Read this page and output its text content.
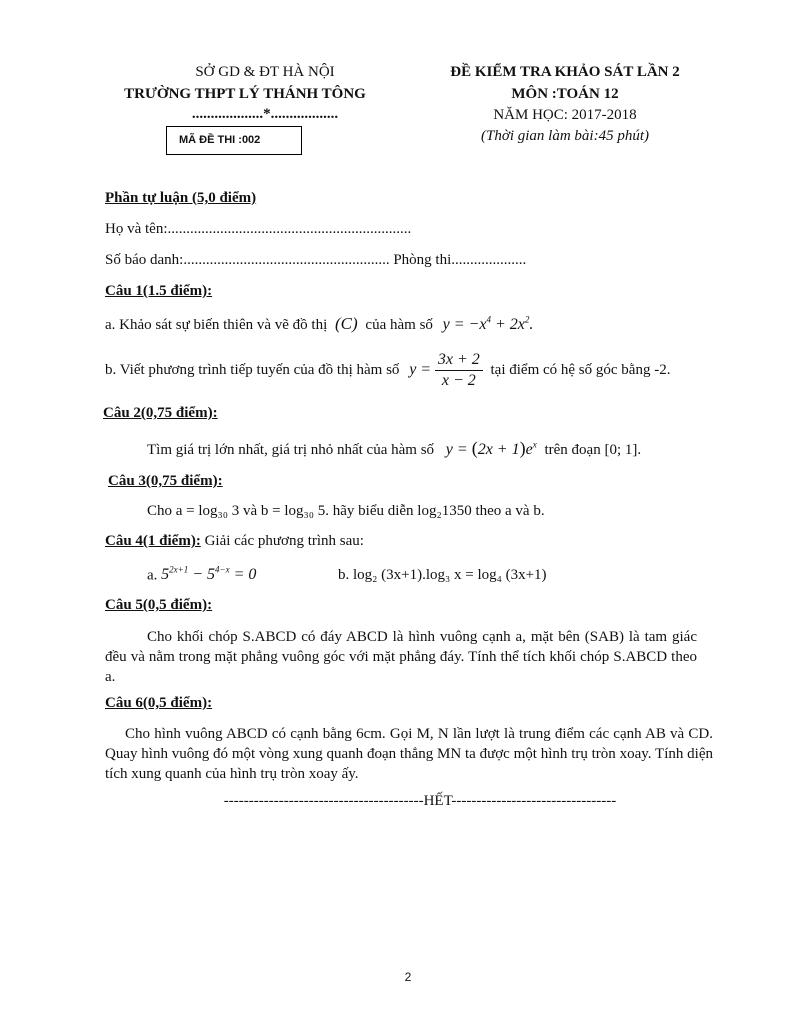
SỞ GD & ĐT HÀ NỘI
TRƯỜNG THPT LÝ THÁNH TÔNG
...................*..................
MÃ ĐỀ THI :002
ĐỀ KIỂM TRA KHẢO SÁT LẦN 2
MÔN :TOÁN 12
NĂM HỌC: 2017-2018
(Thời gian làm bài:45 phút)
Phần tự luận (5,0 điểm)
Họ và tên:.................................................................
Số báo danh:....................................................... Phòng thi....................
Câu 1(1.5 điểm):
a. Khảo sát sự biến thiên và vẽ đồ thị (C) của hàm số $y = -x^4 + 2x^2$.
b. Viết phương trình tiếp tuyến của đồ thị hàm số $y = \frac{3x + 2}{x - 2}$ tại điểm có hệ số góc bằng -2.
Câu 2(0,75 điểm):
Tìm giá trị lớn nhất, giá trị nhỏ nhất của hàm số $y = (2x + 1)e^x$ trên đoạn [0; 1].
Câu 3(0,75 điểm):
Cho a = log₃₀ 3 và b = log₃₀ 5. hãy biểu diễn log₂1350 theo a và b.
Câu 4(1 điểm): Giải các phương trình sau:
a. $5^{2x+1} - 5^{4-x} = 0$	b. log₂ (3x+1).log₃ x = log₄ (3x+1)
Câu 5(0,5 điểm):
Cho khối chóp S.ABCD có đáy ABCD là hình vuông cạnh a, mặt bên (SAB) là tam giác đều và nằm trong mặt phẳng vuông góc với mặt phẳng đáy. Tính thể tích khối chóp S.ABCD theo a.
Câu 6(0,5 điểm):
Cho hình vuông ABCD có cạnh bằng 6cm. Gọi M, N lần lượt là trung điểm các cạnh AB và CD. Quay hình vuông đó một vòng xung quanh đoạn thẳng MN ta được một hình trụ tròn xoay. Tính diện tích xung quanh của hình trụ tròn xoay ấy.
----------------------------------------HẾT---------------------------------
2
